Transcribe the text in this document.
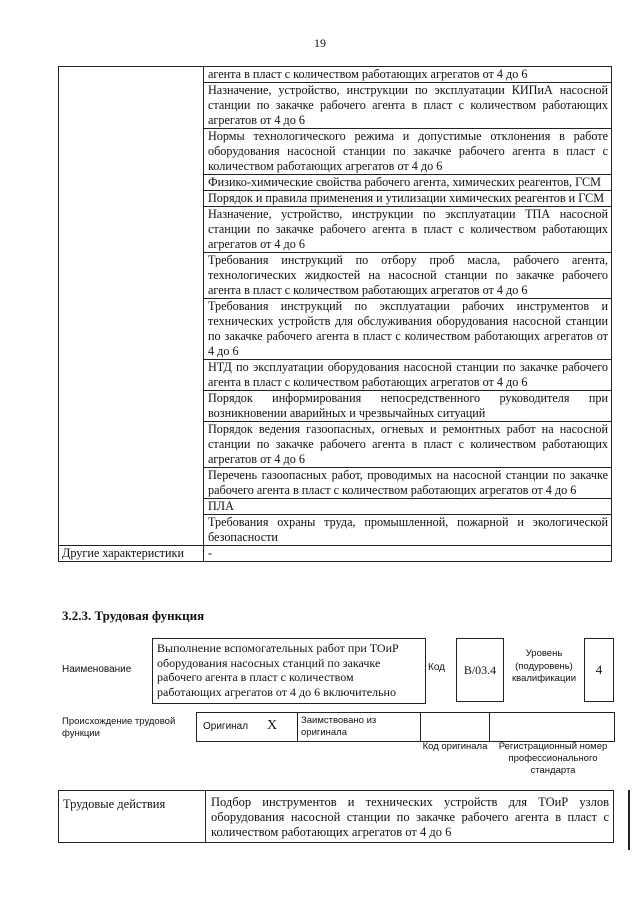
19
	агента в пласт с количеством работающих агрегатов от 4 до 6
	Назначение, устройство, инструкции по эксплуатации КИПиА насосной станции по закачке рабочего агента в пласт с количеством работающих агрегатов от 4 до 6
	Нормы технологического режима и допустимые отклонения в работе оборудования насосной станции по закачке рабочего агента в пласт с количеством работающих агрегатов от 4 до 6
	Физико-химические свойства рабочего агента, химических реагентов, ГСМ
	Порядок и правила применения и утилизации химических реагентов и ГСМ
	Назначение, устройство, инструкции по эксплуатации ТПА насосной станции по закачке рабочего агента в пласт с количеством работающих агрегатов от 4 до 6
	Требования инструкций по отбору проб масла, рабочего агента, технологических жидкостей на насосной станции по закачке рабочего агента в пласт с количеством работающих агрегатов от 4 до 6
	Требования инструкций по эксплуатации рабочих инструментов и технических устройств для обслуживания оборудования насосной станции по закачке рабочего агента в пласт с количеством работающих агрегатов от 4 до 6
	НТД по эксплуатации оборудования насосной станции по закачке рабочего агента в пласт с количеством работающих агрегатов от 4 до 6
	Порядок информирования непосредственного руководителя при возникновении аварийных и чрезвычайных ситуаций
	Порядок ведения газоопасных, огневых и ремонтных работ на насосной станции по закачке рабочего агента в пласт с количеством работающих агрегатов от 4 до 6
	Перечень газоопасных работ, проводимых на насосной станции по закачке рабочего агента в пласт с количеством работающих агрегатов от 4 до 6
	ПЛА
	Требования охраны труда, промышленной, пожарной и экологической безопасности
Другие характеристики	-
3.2.3. Трудовая функция
Наименование
Выполнение вспомогательных работ при ТОиР оборудования насосных станций по закачке рабочего агента в пласт с количеством работающих агрегатов от 4 до 6 включительно
Код	B/03.4
Уровень (подуровень) квалификации
4
Происхождение трудовой функции
Оригинал X	Заимствовано из оригинала
Код оригинала	Регистрационный номер профессионального стандарта
Трудовые действия	Подбор инструментов и технических устройств для ТОиР узлов оборудования насосной станции по закачке рабочего агента в пласт с количеством работающих агрегатов от 4 до 6
